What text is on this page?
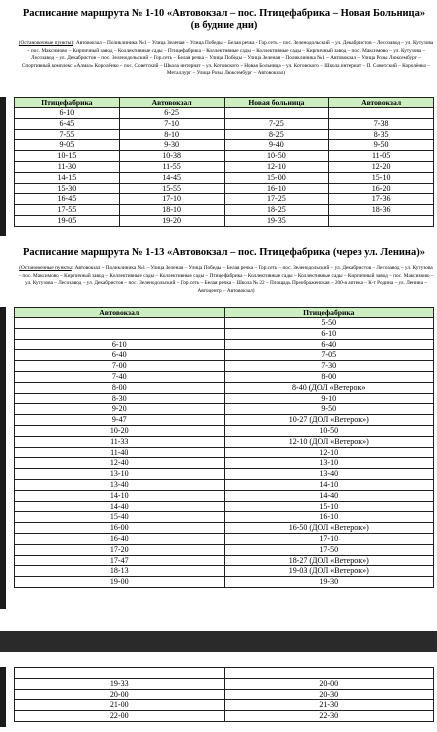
Расписание маршрута № 1-10 «Автовокзал – пос. Птицефабрика – Новая Больница»
(в будние дни)
(Остановочные пункты): Автовокзал – Поликлиника №1 – Улица Зеленая – Улица Победы – Белая речка - Гор.сеть – пос. Зеленодольский – ул. Декабристов – Лесозавод – ул. Кутузова – пос. Максимово – Кирпичный завод – Коллективные сады – Птицефабрика – Коллективные сады – Коллективные сады – Кирпичный завод – пос. Максимово – ул. Кутузова – Лесозавод – ул. Декабристов – пос. Зеленодольский – Гор.сеть – Белая речка – Улица Победы – Улица Зеленая – Поликлиника №1 – Автовокзал – Улица Розы Люксембург – Спортивный комплекс «Алмаз» Королёнко – пос. Советский – Школа интернат – ул. Котовского – Новая Больница – ул. Котовского – Школа интернат – П. Советский – Королёнко – Металлург – Улица Розы Люксембург – Автовокзал)
Птицефабрика	Автовокзал	Новая больница	Автовокзал
6-10	6-25		
6-45	7-10	7-25	7-38
7-55	8-10	8-25	8-35
9-05	9-30	9-40	9-50
10-15	10-38	10-50	11-05
11-30	11-55	12-10	12-20
14-15	14-45	15-00	15-10
15-30	15-55	16-10	16-20
16-45	17-10	17-25	17-36
17-55	18-10	18-25	18-36
19-05	19-20	19-35	
Расписание маршрута № 1-13 «Автовокзал – пос. Птицефабрика (через ул. Ленина)»
(Остановочные пункты: Автовокзал – Поликлиника №1 – Улица Зеленая – Улица Победы – Белая речка – Гор.сеть – пос. Зеленодольский – ул. Декабристов – Лесозавод – ул. Кутузова – пос. Максимово – Кирпичный завод – Коллективные сады – Коллективные сады – Птицефабрика – Коллективные сады – Коллективные сады – Кирпичный завод – пос. Максимово – ул. Кутузова – Лесозавод – ул. Декабристов – пос. Зеленодольский – Гор.сеть – Белая речка – Школа № 22 – Площадь Преображенская – 200-я аптека – К-т Родина – ул. Ленина – Автоцентр – Автовокзал)
Автовокзал	Птицефабрика
	5-50
	6-10
6-10	6-40
6-40	7-05
7-00	7-30
7-40	8-00
8-00	8-40 (ДОЛ «Ветерок»
8-30	9-10
9-20	9-50
9-47	10-27 (ДОЛ «Ветерок»)
10-20	10-50
11-33	12-10 (ДОЛ «Ветерок»)
11-40	12-10
12-40	13-10
13-10	13-40
13-40	14-10
14-10	14-40
14-40	15-10
15-40	16-10
16-00	16-50 (ДОЛ «Ветерок»)
16-40	17-10
17-20	17-50
17-47	18-27 (ДОЛ «Ветерок»)
18-13	19-03 (ДОЛ «Ветерок»)
19-00	19-30

19-33	20-00
20-00	20-30
21-00	21-30
22-00	22-30
